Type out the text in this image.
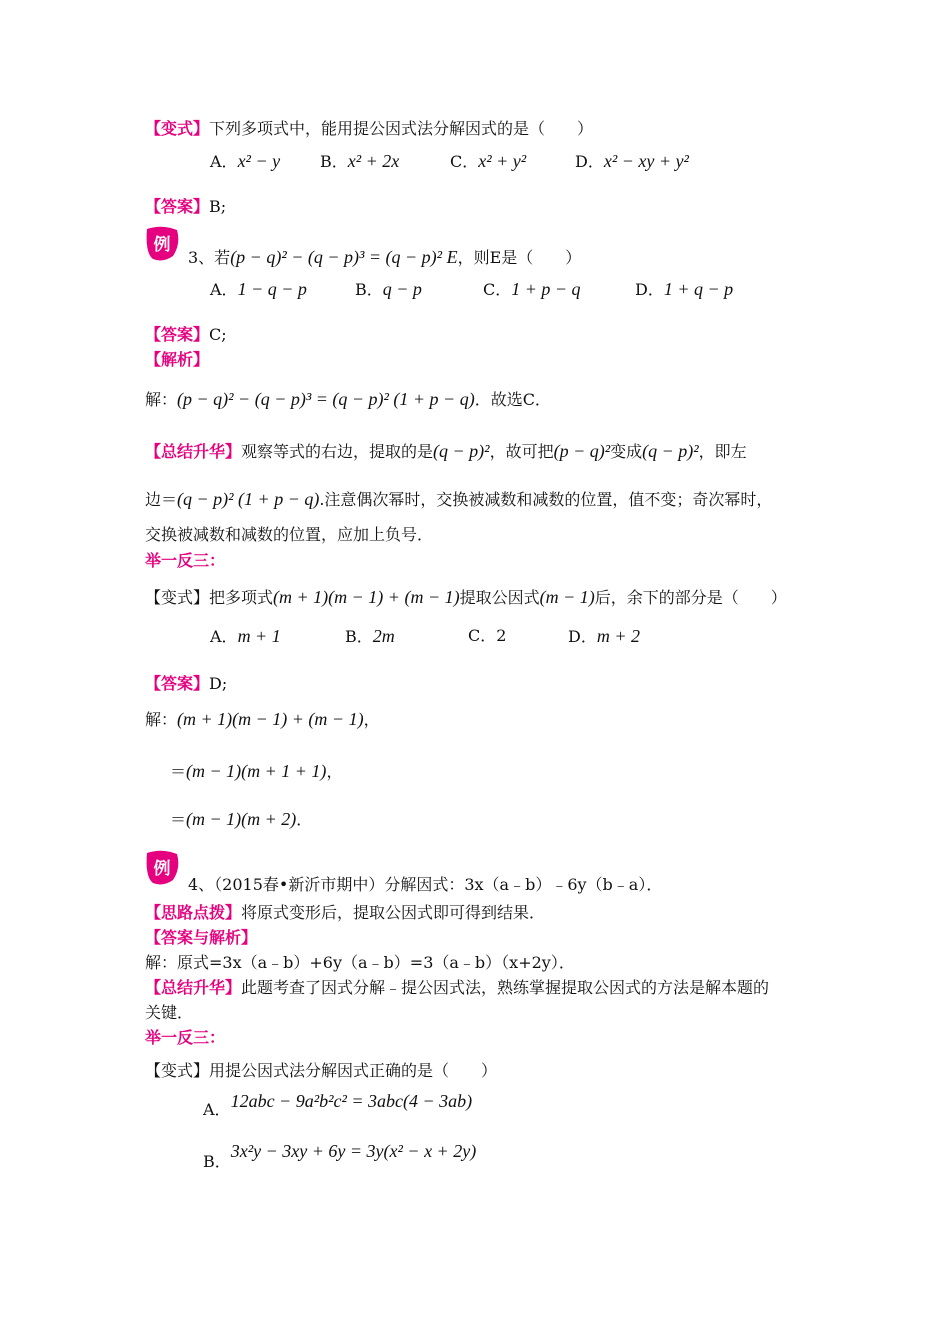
【变式】下列多项式中，能用提公因式法分解因式的是（　　）
A．x² − y B．x² + 2x	C．x² + y²	D．x² − xy + y²
【答案】B;
例
3、若(p − q)² − (q − p)³ = (q − p)² E，则E是（　　）
A．1 − q − p	B．q − p	C．1 + p − q	D．1 + q − p
【答案】C;
【解析】
解：(p − q)² − (q − p)³ = (q − p)² (1 + p − q)．故选C．
【总结升华】观察等式的右边，提取的是(q − p)²，故可把(p − q)²变成(q − p)²，即左
边＝(q − p)² (1 + p − q).注意偶次幂时，交换被减数和减数的位置，值不变；奇次幂时，
交换被减数和减数的位置，应加上负号．
举一反三：
【变式】把多项式(m + 1)(m − 1) + (m − 1)提取公因式(m − 1)后，余下的部分是（　　）
A．m + 1	B．2m	C．2	D．m + 2
【答案】D;
解：(m + 1)(m − 1) + (m − 1)，
＝(m − 1)(m + 1 + 1)，
＝(m − 1)(m + 2)．
例
4、（2015春•新沂市期中）分解因式：3x（a﹣b）﹣6y（b﹣a）．
【思路点拨】将原式变形后，提取公因式即可得到结果．
【答案与解析】
解：原式=3x（a﹣b）+6y（a﹣b）=3（a﹣b）（x+2y）．
【总结升华】此题考查了因式分解﹣提公因式法，熟练掌握提取公因式的方法是解本题的
关键．
举一反三：
【变式】用提公因式法分解因式正确的是（　　）
A．12abc − 9a²b²c² = 3abc(4 − 3ab)
B．3x²y − 3xy + 6y = 3y(x² − x + 2y)
